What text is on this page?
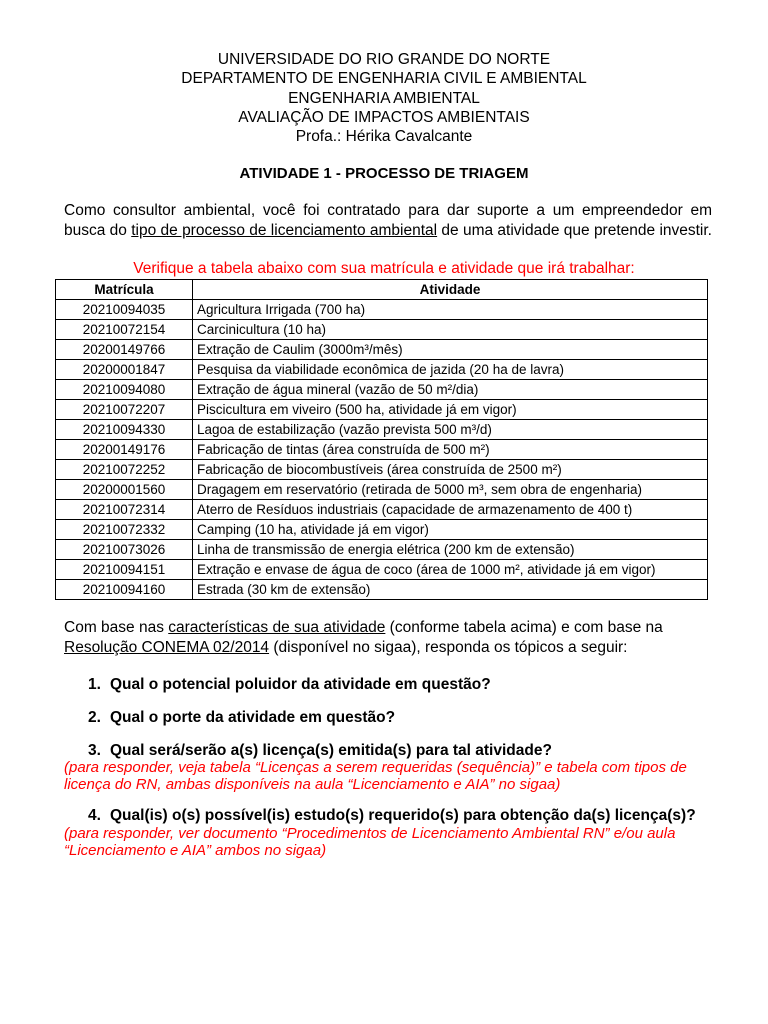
UNIVERSIDADE DO RIO GRANDE DO NORTE
DEPARTAMENTO DE ENGENHARIA CIVIL E AMBIENTAL
ENGENHARIA AMBIENTAL
AVALIAÇÃO DE IMPACTOS AMBIENTAIS
Profa.: Hérika Cavalcante
ATIVIDADE 1 - PROCESSO DE TRIAGEM
Como consultor ambiental, você foi contratado para dar suporte a um empreendedor em busca do tipo de processo de licenciamento ambiental de uma atividade que pretende investir.
Verifique a tabela abaixo com sua matrícula e atividade que irá trabalhar:
Matrícula	Atividade
20210094035	Agricultura Irrigada (700 ha)
20210072154	Carcinicultura (10 ha)
20200149766	Extração de Caulim (3000m³/mês)
20200001847	Pesquisa da viabilidade econômica de jazida (20 ha de lavra)
20210094080	Extração de água mineral (vazão de 50 m²/dia)
20210072207	Piscicultura em viveiro (500 ha, atividade já em vigor)
20210094330	Lagoa de estabilização (vazão prevista 500 m³/d)
20200149176	Fabricação de tintas (área construída de 500 m²)
20210072252	Fabricação de biocombustíveis (área construída de 2500 m²)
20200001560	Dragagem em reservatório (retirada de 5000 m³, sem obra de engenharia)
20210072314	Aterro de Resíduos industriais (capacidade de armazenamento de 400 t)
20210072332	Camping (10 ha, atividade já em vigor)
20210073026	Linha de transmissão de energia elétrica (200 km de extensão)
20210094151	Extração e envase de água de coco (área de 1000 m², atividade já em vigor)
20210094160	Estrada (30 km de extensão)
Com base nas características de sua atividade (conforme tabela acima) e com base na Resolução CONEMA 02/2014 (disponível no sigaa), responda os tópicos a seguir:
1. Qual o potencial poluidor da atividade em questão?
2. Qual o porte da atividade em questão?
3. Qual será/serão a(s) licença(s) emitida(s) para tal atividade?
(para responder, veja tabela “Licenças a serem requeridas (sequência)” e tabela com tipos de licença do RN, ambas disponíveis na aula “Licenciamento e AIA” no sigaa)
4. Qual(is) o(s) possível(is) estudo(s) requerido(s) para obtenção da(s) licença(s)?
(para responder, ver documento “Procedimentos de Licenciamento Ambiental RN” e/ou aula “Licenciamento e AIA” ambos no sigaa)
